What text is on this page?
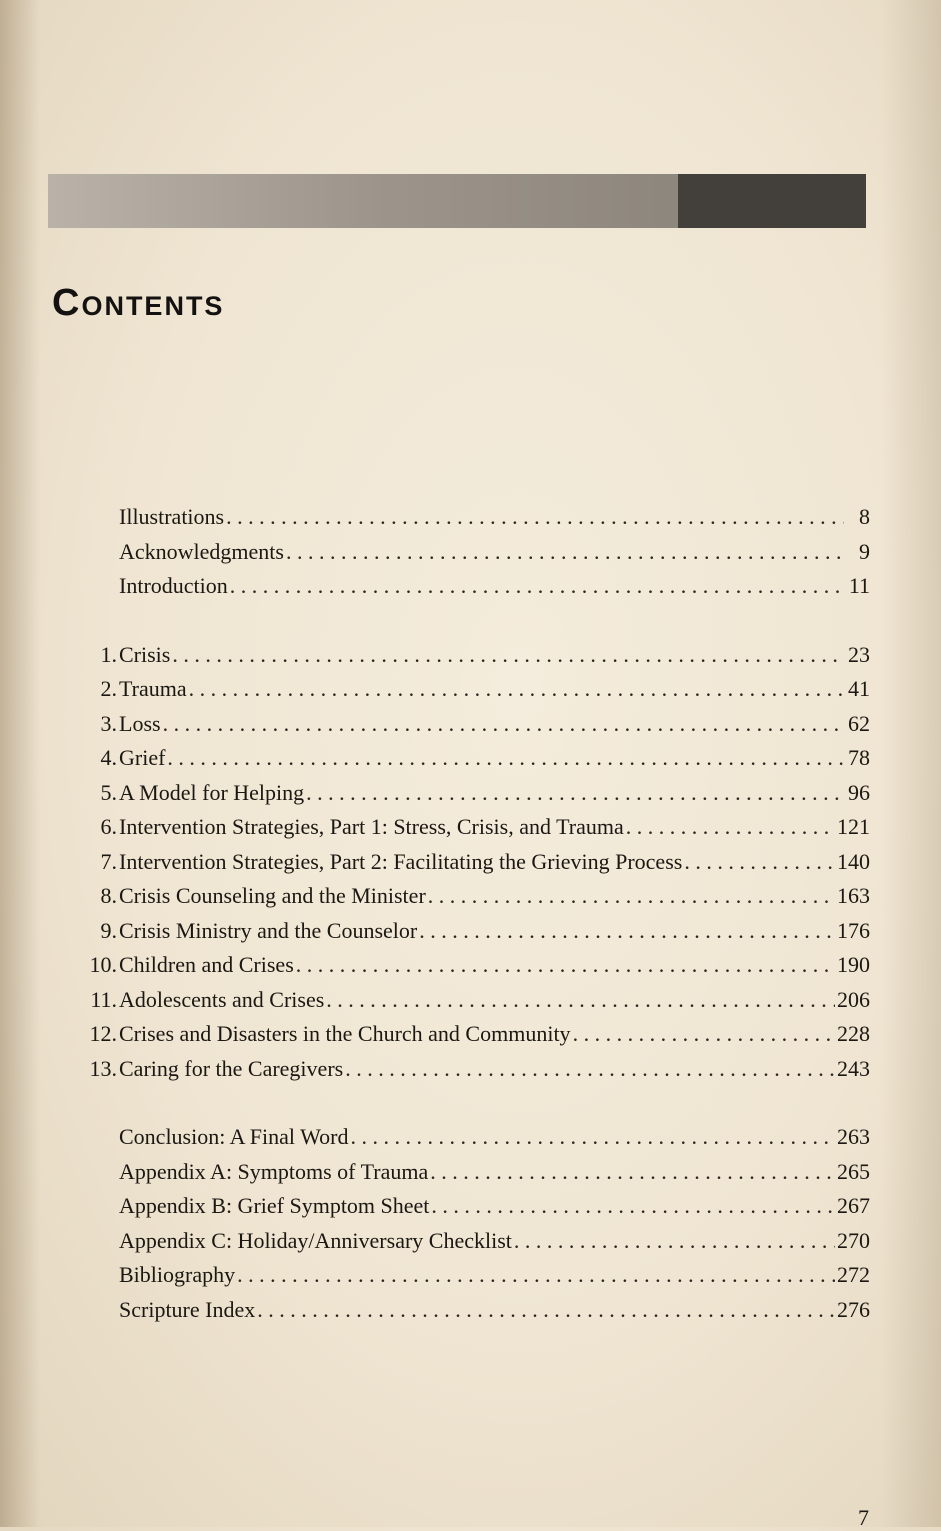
Contents
Illustrations . . .	8
Acknowledgments . . .	9
Introduction . . .	11
1. Crisis . . .	23
2. Trauma . . .	41
3. Loss . . .	62
4. Grief . . .	78
5. A Model for Helping . . .	96
6. Intervention Strategies, Part 1: Stress, Crisis, and Trauma . . .	121
7. Intervention Strategies, Part 2: Facilitating the Grieving Process . . .	140
8. Crisis Counseling and the Minister . . .	163
9. Crisis Ministry and the Counselor . . .	176
10. Children and Crises . . .	190
11. Adolescents and Crises . . .	206
12. Crises and Disasters in the Church and Community . . .	228
13. Caring for the Caregivers . . .	243
Conclusion: A Final Word . . .	263
Appendix A: Symptoms of Trauma . . .	265
Appendix B: Grief Symptom Sheet . . .	267
Appendix C: Holiday/Anniversary Checklist . . .	270
Bibliography . . .	272
Scripture Index . . .	276
7
